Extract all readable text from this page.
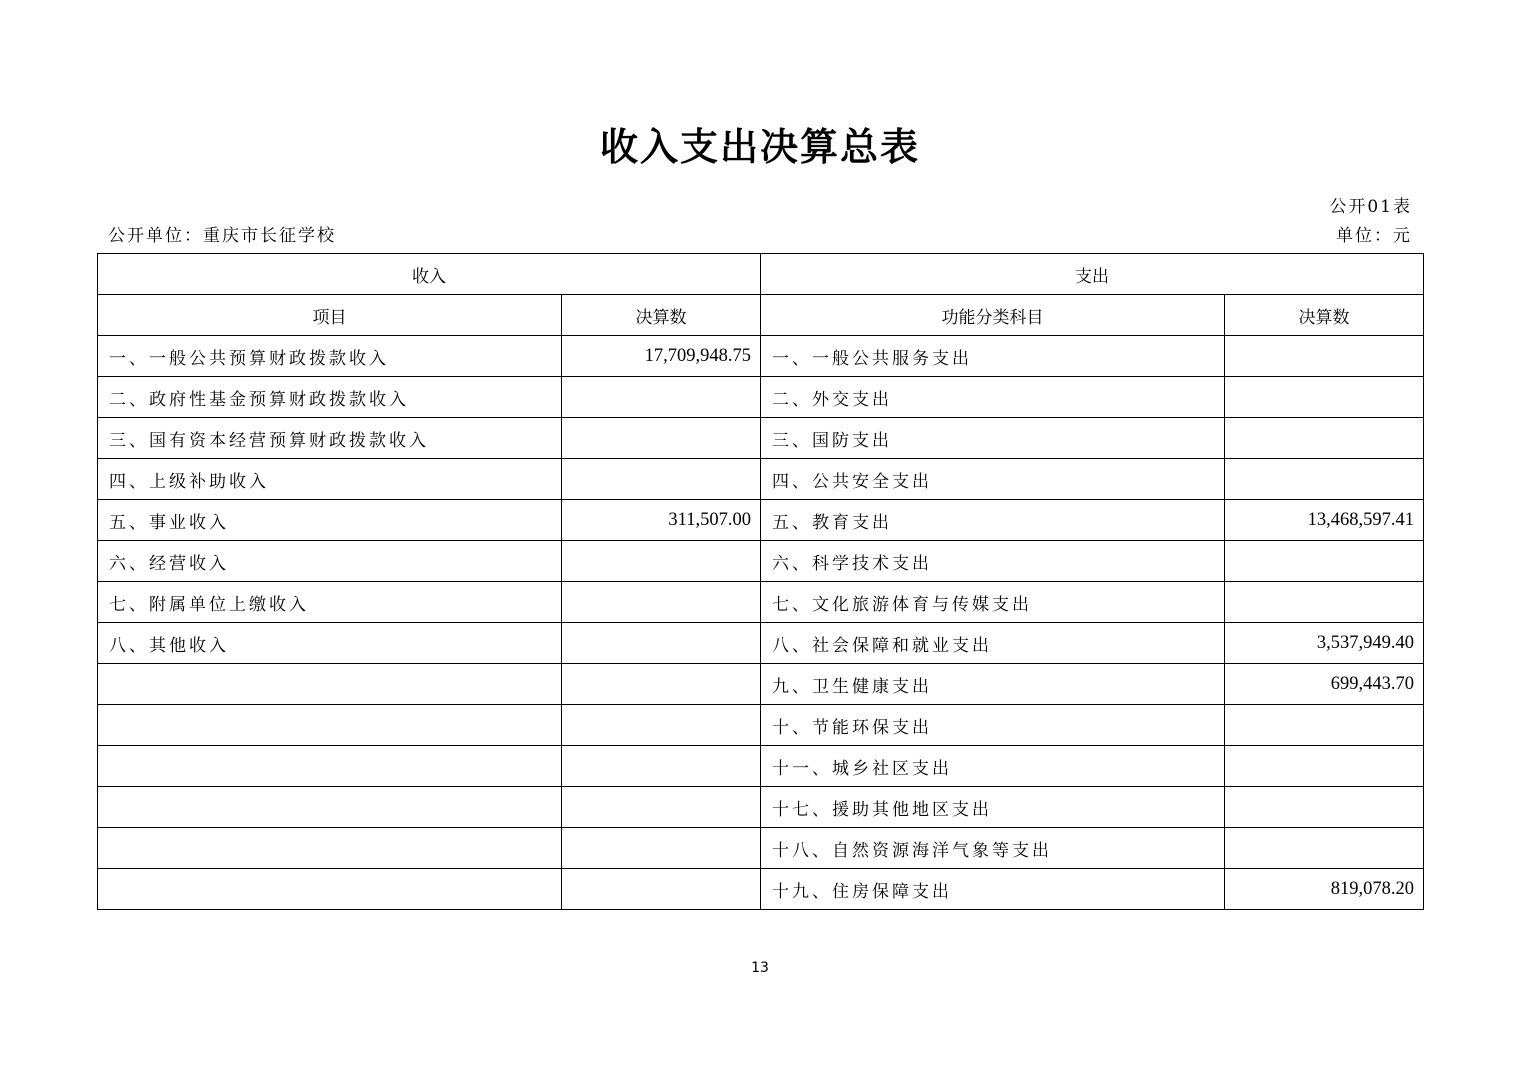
收入支出决算总表
公开01表
公开单位：重庆市长征学校	单位：元
收入		支出	
项目	决算数	功能分类科目	决算数
一、一般公共预算财政拨款收入	17,709,948.75	一、一般公共服务支出	
二、政府性基金预算财政拨款收入		二、外交支出	
三、国有资本经营预算财政拨款收入		三、国防支出	
四、上级补助收入		四、公共安全支出	
五、事业收入	311,507.00	五、教育支出	13,468,597.41
六、经营收入		六、科学技术支出	
七、附属单位上缴收入		七、文化旅游体育与传媒支出	
八、其他收入		八、社会保障和就业支出	3,537,949.40
		九、卫生健康支出	699,443.70
		十、节能环保支出	
		十一、城乡社区支出	
		十七、援助其他地区支出	
		十八、自然资源海洋气象等支出	
		十九、住房保障支出	819,078.20
13
